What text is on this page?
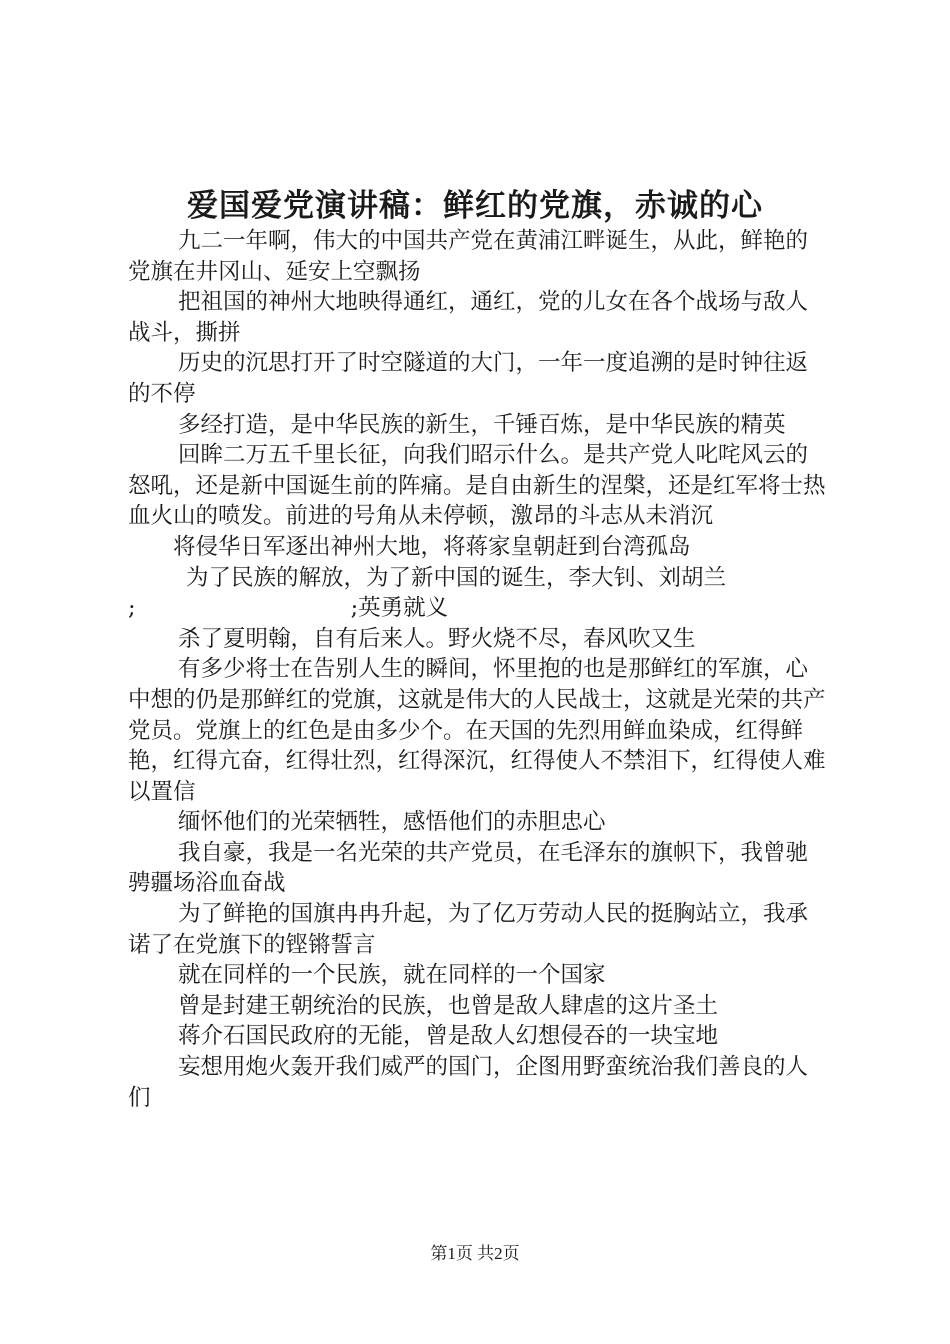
爱国爱党演讲稿：鲜红的党旗，赤诚的心

九二一年啊，伟大的中国共产党在黄浦江畔诞生，从此，鲜艳的党旗在井冈山、延安上空飘扬

把祖国的神州大地映得通红，通红，党的儿女在各个战场与敌人战斗，撕拼

历史的沉思打开了时空隧道的大门，一年一度追溯的是时钟往返的不停

多经打造，是中华民族的新生，千锤百炼，是中华民族的精英

回眸二万五千里长征，向我们昭示什么。是共产党人叱咤风云的怒吼，还是新中国诞生前的阵痛。是自由新生的涅槃，还是红军将士热血火山的喷发。前进的号角从未停顿，激昂的斗志从未消沉

将侵华日军逐出神州大地，将蒋家皇朝赶到台湾孤岛

为了民族的解放，为了新中国的诞生，李大钊、刘胡兰

;	;英勇就义

杀了夏明翰，自有后来人。野火烧不尽，春风吹又生

有多少将士在告别人生的瞬间，怀里抱的也是那鲜红的军旗，心中想的仍是那鲜红的党旗，这就是伟大的人民战士，这就是光荣的共产党员。党旗上的红色是由多少个。在天国的先烈用鲜血染成，红得鲜艳，红得亢奋，红得壮烈，红得深沉，红得使人不禁泪下，红得使人难以置信

缅怀他们的光荣牺牲，感悟他们的赤胆忠心

我自豪，我是一名光荣的共产党员，在毛泽东的旗帜下，我曾驰骋疆场浴血奋战

为了鲜艳的国旗冉冉升起，为了亿万劳动人民的挺胸站立，我承诺了在党旗下的铿锵誓言

就在同样的一个民族，就在同样的一个国家

曾是封建王朝统治的民族，也曾是敌人肆虐的这片圣土

蒋介石国民政府的无能，曾是敌人幻想侵吞的一块宝地

妄想用炮火轰开我们威严的国门，企图用野蛮统治我们善良的人们

第1页 共2页
